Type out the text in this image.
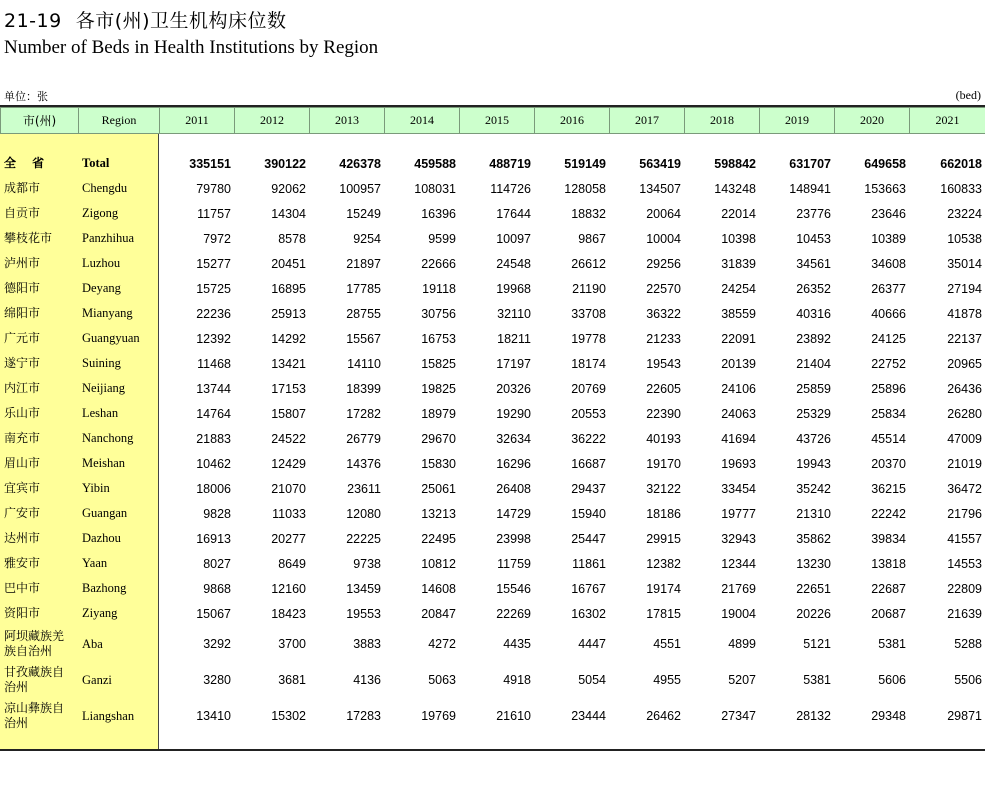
21-19 各市(州)卫生机构床位数
Number of Beds in Health Institutions by Region
单位：张	(bed)
市(州)	Region	2011	2012	2013	2014	2015	2016	2017	2018	2019	2020	2021
全 省	Total	335151	390122	426378	459588	488719	519149	563419	598842	631707	649658	662018
成都市	Chengdu	79780	92062	100957	108031	114726	128058	134507	143248	148941	153663	160833
自贡市	Zigong	11757	14304	15249	16396	17644	18832	20064	22014	23776	23646	23224
攀枝花市	Panzhihua	7972	8578	9254	9599	10097	9867	10004	10398	10453	10389	10538
泸州市	Luzhou	15277	20451	21897	22666	24548	26612	29256	31839	34561	34608	35014
德阳市	Deyang	15725	16895	17785	19118	19968	21190	22570	24254	26352	26377	27194
绵阳市	Mianyang	22236	25913	28755	30756	32110	33708	36322	38559	40316	40666	41878
广元市	Guangyuan	12392	14292	15567	16753	18211	19778	21233	22091	23892	24125	22137
遂宁市	Suining	11468	13421	14110	15825	17197	18174	19543	20139	21404	22752	20965
内江市	Neijiang	13744	17153	18399	19825	20326	20769	22605	24106	25859	25896	26436
乐山市	Leshan	14764	15807	17282	18979	19290	20553	22390	24063	25329	25834	26280
南充市	Nanchong	21883	24522	26779	29670	32634	36222	40193	41694	43726	45514	47009
眉山市	Meishan	10462	12429	14376	15830	16296	16687	19170	19693	19943	20370	21019
宜宾市	Yibin	18006	21070	23611	25061	26408	29437	32122	33454	35242	36215	36472
广安市	Guangan	9828	11033	12080	13213	14729	15940	18186	19777	21310	22242	21796
达州市	Dazhou	16913	20277	22225	22495	23998	25447	29915	32943	35862	39834	41557
雅安市	Yaan	8027	8649	9738	10812	11759	11861	12382	12344	13230	13818	14553
巴中市	Bazhong	9868	12160	13459	14608	15546	16767	19174	21769	22651	22687	22809
资阳市	Ziyang	15067	18423	19553	20847	22269	16302	17815	19004	20226	20687	21639
阿坝藏族羌族自治州	Aba	3292	3700	3883	4272	4435	4447	4551	4899	5121	5381	5288
甘孜藏族自治州	Ganzi	3280	3681	4136	5063	4918	5054	4955	5207	5381	5606	5506
凉山彝族自治州	Liangshan	13410	15302	17283	19769	21610	23444	26462	27347	28132	29348	29871
